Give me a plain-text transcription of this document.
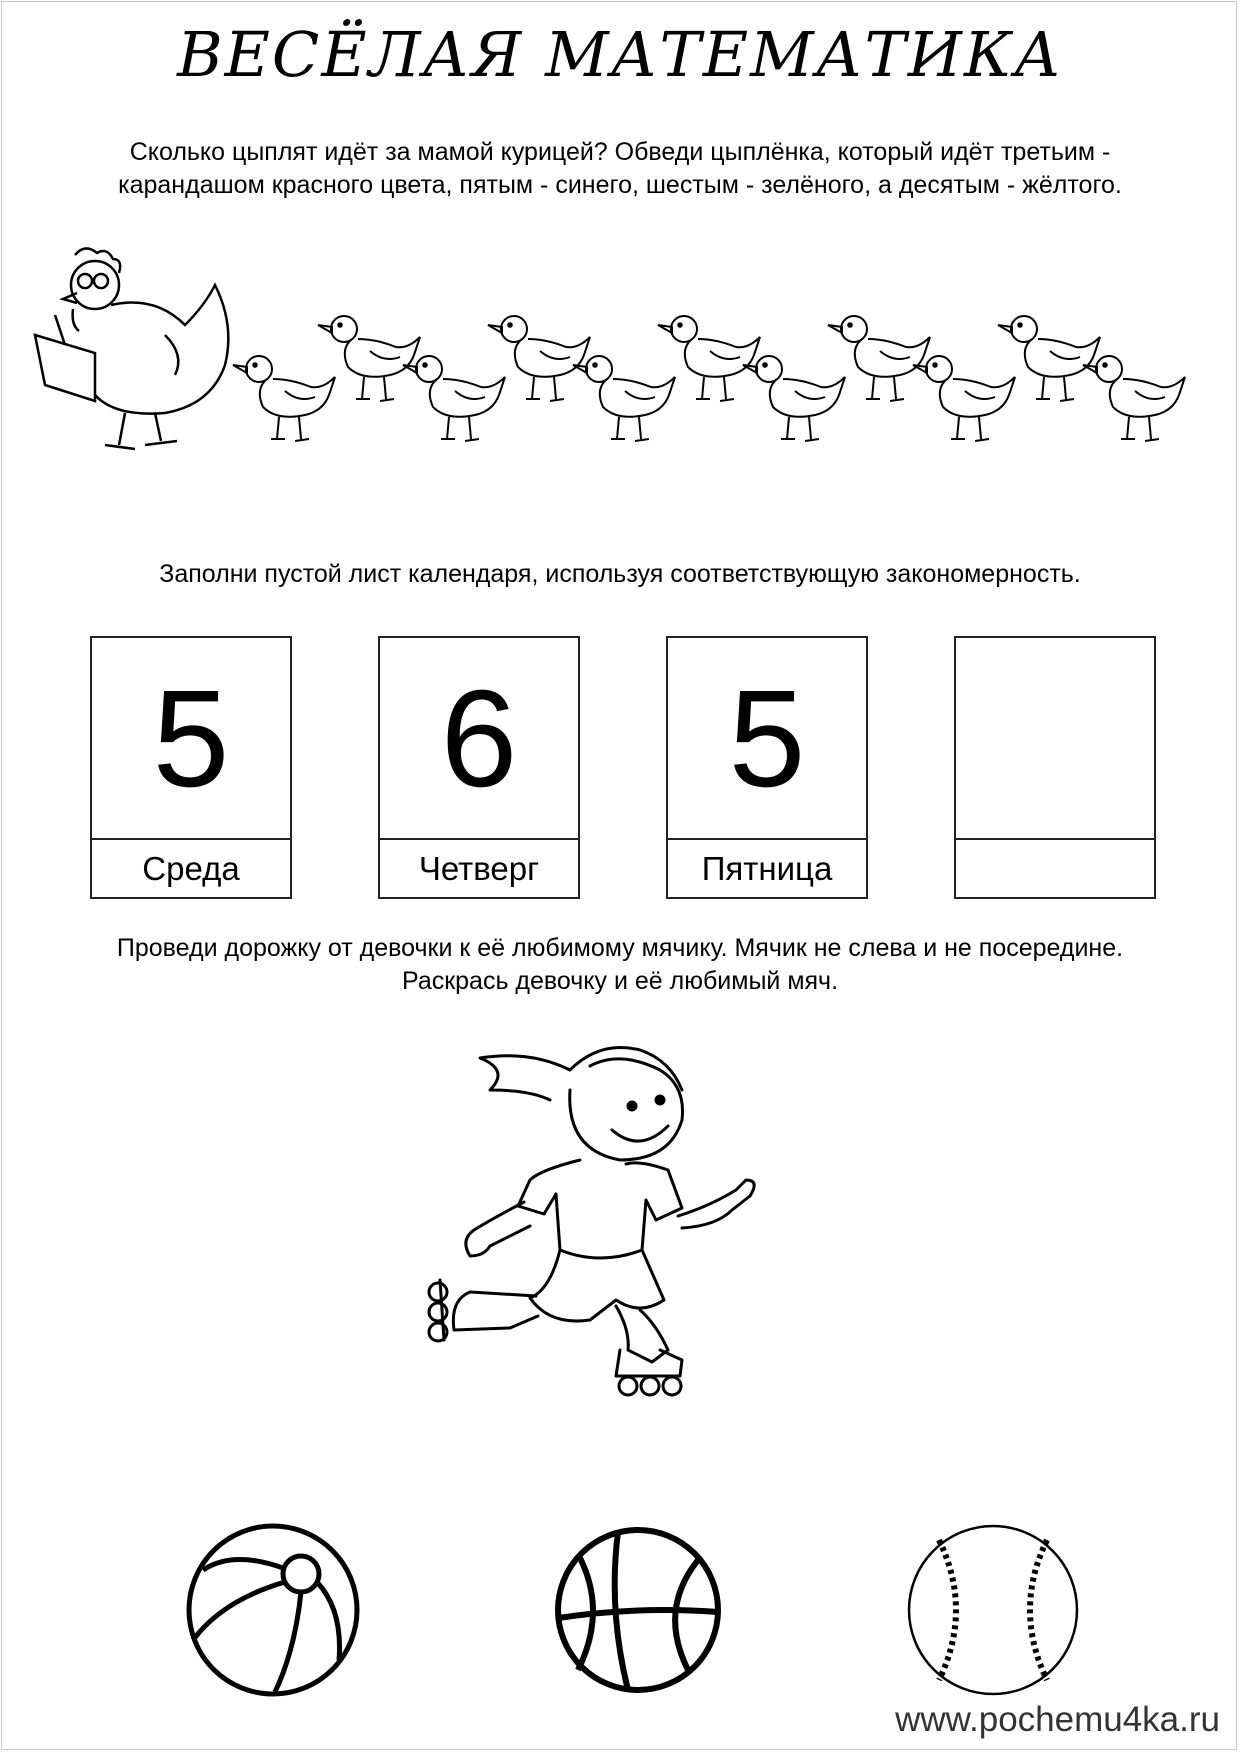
ВЕСЁЛАЯ МАТЕМАТИКА
Сколько цыплят идёт за мамой курицей? Обведи цыплёнка, который идёт третьим - карандашом красного цвета, пятым - синего, шестым - зелёного, а десятым - жёлтого.
Заполни пустой лист календаря, используя соответствующую закономерность.
5
Среда
6
Четверг
5
Пятница
Проведи дорожку от девочки к её любимому мячику. Мячик не слева и не посередине. Раскрась девочку и её любимый мяч.
www.pochemu4ka.ru
